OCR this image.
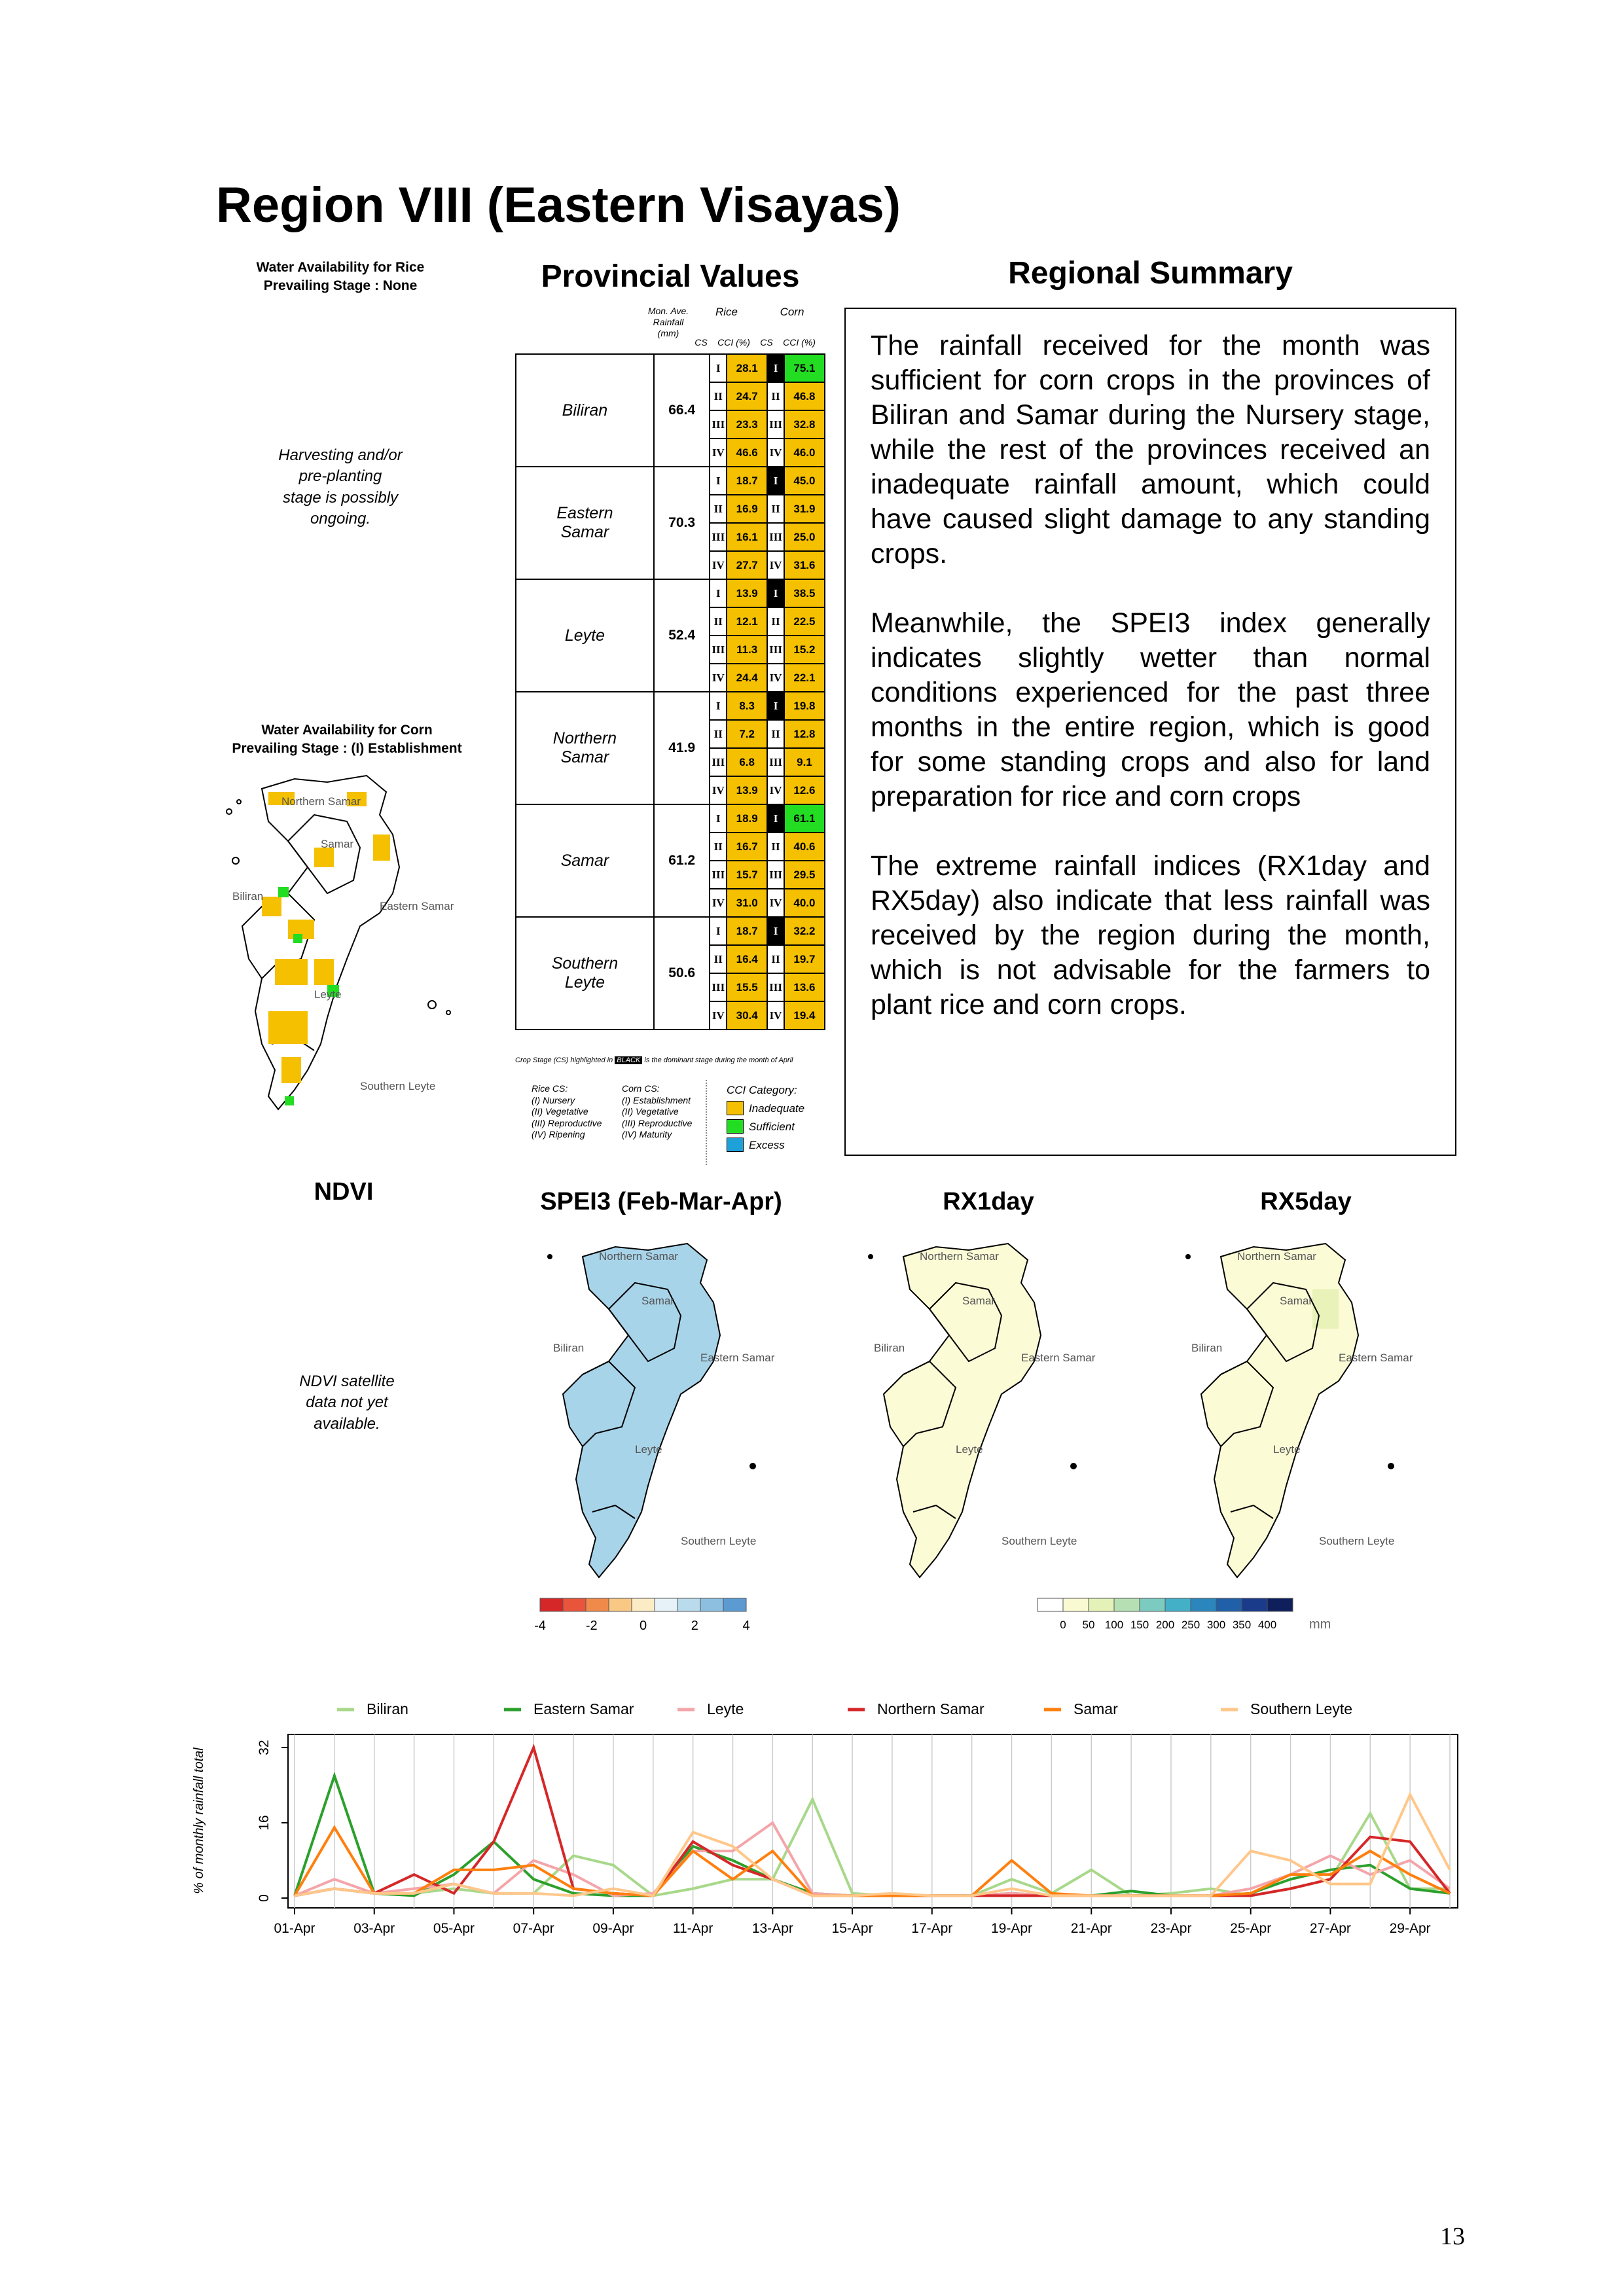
Region VIII (Eastern Visayas)
Water Availability for Rice
Prevailing Stage : None
Harvesting and/or
pre-planting
stage is possibly
ongoing.
Water Availability for Corn
Prevailing Stage : (I) Establishment
Northern Samar
Samar
Biliran
Eastern Samar
Leyte
Southern Leyte
Provincial Values
Mon. Ave.
Rainfall
(mm)
Rice	Corn
CS	CCI (%)	CS	CCI (%)
Biliran	66.4	I	28.1	I	75.1
		II	24.7	II	46.8
		III	23.3	III	32.8
		IV	46.6	IV	46.0

Eastern
Samar	70.3	I	18.7	I	45.0
		II	16.9	II	31.9
		III	16.1	III	25.0
		IV	27.7	IV	31.6

Leyte	52.4	I	13.9	I	38.5
		II	12.1	II	22.5
		III	11.3	III	15.2
		IV	24.4	IV	22.1

Northern
Samar	41.9	I	8.3	I	19.8
		II	7.2	II	12.8
		III	6.8	III	9.1
		IV	13.9	IV	12.6

Samar	61.2	I	18.9	I	61.1
		II	16.7	II	40.6
		III	15.7	III	29.5
		IV	31.0	IV	40.0

Southern
Leyte	50.6	I	18.7	I	32.2
		II	16.4	II	19.7
		III	15.5	III	13.6
		IV	30.4	IV	19.4
Crop Stage (CS) highlighted in BLACK is the dominant stage during the month of April
Rice CS:
(I) Nursery
(II) Vegetative
(III) Reproductive
(IV) Ripening
Corn CS:
(I) Establishment
(II) Vegetative
(III) Reproductive
(IV) Maturity
CCI Category:
Inadequate
Sufficient
Excess
Regional Summary

The rainfall received for the month was sufficient for corn crops in the provinces of Biliran and Samar during the Nursery stage, while the rest of the provinces received an inadequate rainfall amount, which could have caused slight damage to any standing crops.

Meanwhile, the SPEI3 index generally indicates slightly wetter than normal conditions experienced for the past three months in the entire region, which is good for some standing crops and also for land preparation for rice and corn crops

The extreme rainfall indices (RX1day and RX5day) also indicate that less rainfall was received by the region during the month, which is not advisable for the farmers to plant rice and corn crops.

NDVI
NDVI satellite
data not yet
available.
SPEI3 (Feb-Mar-Apr)	RX1day	RX5day
Northern Samar
Samar
Biliran
Eastern Samar
Leyte
Southern Leyte
Northern Samar
Samar
Biliran
Eastern Samar
Leyte
Southern Leyte
Northern Samar
Samar
Biliran
Eastern Samar
Leyte
Southern Leyte
-4	-2	0	2	4	0 50 100 150 200 250 300 350 400 mm
Biliran	Eastern Samar	Leyte	Northern Samar	Samar	Southern Leyte
01-Apr	03-Apr	05-Apr	07-Apr	09-Apr	11-Apr	13-Apr	15-Apr	17-Apr	19-Apr	21-Apr	23-Apr	25-Apr	27-Apr	29-Apr
0
16
32
% of monthly rainfall total
13
